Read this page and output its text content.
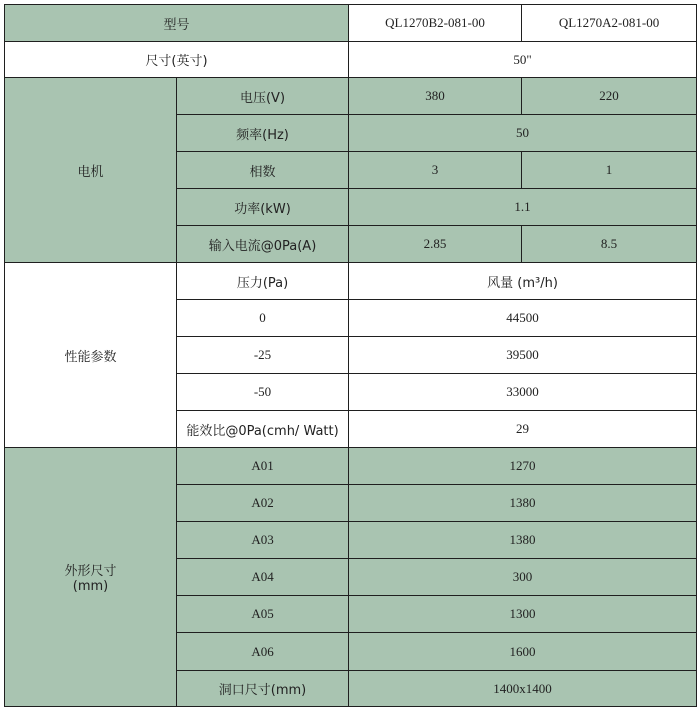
型号		QL1270B2-081-00	QL1270A2-081-00
尺寸(英寸)		50"	
电机	电压(V)	380	220
	频率(Hz)	50	
	相数	3	1
	功率(kW)	1.1	
	输入电流@0Pa(A)	2.85	8.5
性能参数	压力(Pa)	风量 (m³/h)	
	0	44500	
	-25	39500	
	-50	33000	
	能效比@0Pa(cmh/ Watt)	29	
外形尺寸
(mm)	A01	1270	
	A02	1380	
	A03	1380	
	A04	300	
	A05	1300	
	A06	1600	
	洞口尺寸(mm)	1400x1400	
